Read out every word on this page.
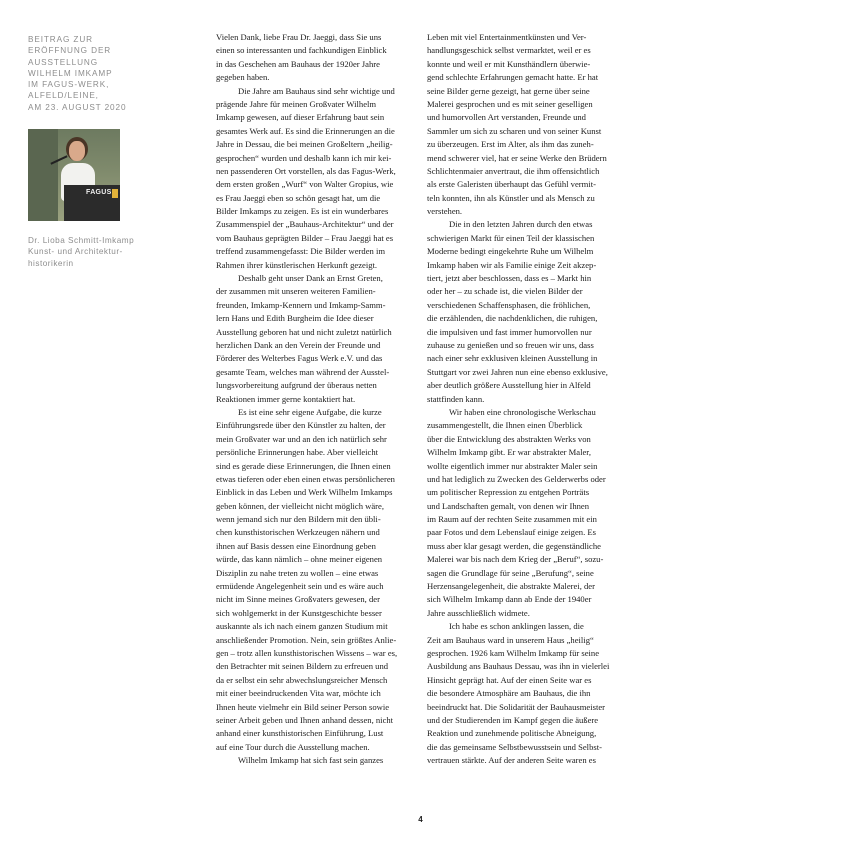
BEITRAG ZUR
ERÖFFNUNG DER
AUSSTELLUNG
WILHELM IMKAMP
IM FAGUS-WERK,
ALFELD/LEINE,
AM 23. AUGUST 2020
FAGUS
Dr. Lioba Schmitt-Imkamp
Kunst- und Architektur-
historikerin
Vielen Dank, liebe Frau Dr. Jaeggi, dass Sie uns
einen so interessanten und fachkundigen Einblick
in das Geschehen am Bauhaus der 1920er Jahre
gegeben haben.
Die Jahre am Bauhaus sind sehr wichtige und
prägende Jahre für meinen Großvater Wilhelm
Imkamp gewesen, auf dieser Erfahrung baut sein
gesamtes Werk auf. Es sind die Erinnerungen an die
Jahre in Dessau, die bei meinen Großeltern „heilig-
gesprochen“ wurden und deshalb kann ich mir kei-
nen passenderen Ort vorstellen, als das Fagus-Werk,
dem ersten großen „Wurf“ von Walter Gropius, wie
es Frau Jaeggi eben so schön gesagt hat, um die
Bilder Imkamps zu zeigen. Es ist ein wunderbares
Zusammenspiel der „Bauhaus-Architektur“ und der
vom Bauhaus geprägten Bilder – Frau Jaeggi hat es
treffend zusammengefasst: Die Bilder werden im
Rahmen ihrer künstlerischen Herkunft gezeigt.
Deshalb geht unser Dank an Ernst Greten,
der zusammen mit unseren weiteren Familien-
freunden, Imkamp-Kennern und Imkamp-Samm-
lern Hans und Edith Burgheim die Idee dieser
Ausstellung geboren hat und nicht zuletzt natürlich
herzlichen Dank an den Verein der Freunde und
Förderer des Welterbes Fagus Werk e.V. und das
gesamte Team, welches man während der Ausstel-
lungsvorbereitung aufgrund der überaus netten
Reaktionen immer gerne kontaktiert hat.
Es ist eine sehr eigene Aufgabe, die kurze
Einführungsrede über den Künstler zu halten, der
mein Großvater war und an den ich natürlich sehr
persönliche Erinnerungen habe. Aber vielleicht
sind es gerade diese Erinnerungen, die Ihnen einen
etwas tieferen oder eben einen etwas persönlicheren
Einblick in das Leben und Werk Wilhelm Imkamps
geben können, der vielleicht nicht möglich wäre,
wenn jemand sich nur den Bildern mit den übli-
chen kunsthistorischen Werkzeugen nähern und
ihnen auf Basis dessen eine Einordnung geben
würde, das kann nämlich – ohne meiner eigenen
Disziplin zu nahe treten zu wollen – eine etwas
ermüdende Angelegenheit sein und es wäre auch
nicht im Sinne meines Großvaters gewesen, der
sich wohlgemerkt in der Kunstgeschichte besser
auskannte als ich nach einem ganzen Studium mit
anschließender Promotion. Nein, sein größtes Anlie-
gen – trotz allen kunsthistorischen Wissens – war es,
den Betrachter mit seinen Bildern zu erfreuen und
da er selbst ein sehr abwechslungsreicher Mensch
mit einer beeindruckenden Vita war, möchte ich
Ihnen heute vielmehr ein Bild seiner Person sowie
seiner Arbeit geben und Ihnen anhand dessen, nicht
anhand einer kunsthistorischen Einführung, Lust
auf eine Tour durch die Ausstellung machen.
Wilhelm Imkamp hat sich fast sein ganzes
Leben mit viel Entertainmentkünsten und Ver-
handlungsgeschick selbst vermarktet, weil er es
konnte und weil er mit Kunsthändlern überwie-
gend schlechte Erfahrungen gemacht hatte. Er hat
seine Bilder gerne gezeigt, hat gerne über seine
Malerei gesprochen und es mit seiner geselligen
und humorvollen Art verstanden, Freunde und
Sammler um sich zu scharen und von seiner Kunst
zu überzeugen. Erst im Alter, als ihm das zuneh-
mend schwerer viel, hat er seine Werke den Brüdern
Schlichtenmaier anvertraut, die ihm offensichtlich
als erste Galeristen überhaupt das Gefühl vermit-
teln konnten, ihn als Künstler und als Mensch zu
verstehen.
Die in den letzten Jahren durch den etwas
schwierigen Markt für einen Teil der klassischen
Moderne bedingt eingekehrte Ruhe um Wilhelm
Imkamp haben wir als Familie einige Zeit akzep-
tiert, jetzt aber beschlossen, dass es – Markt hin
oder her – zu schade ist, die vielen Bilder der
verschiedenen Schaffensphasen, die fröhlichen,
die erzählenden, die nachdenklichen, die ruhigen,
die impulsiven und fast immer humorvollen nur
zuhause zu genießen und so freuen wir uns, dass
nach einer sehr exklusiven kleinen Ausstellung in
Stuttgart vor zwei Jahren nun eine ebenso exklusive,
aber deutlich größere Ausstellung hier in Alfeld
stattfinden kann.
Wir haben eine chronologische Werkschau
zusammengestellt, die Ihnen einen Überblick
über die Entwicklung des abstrakten Werks von
Wilhelm Imkamp gibt. Er war abstrakter Maler,
wollte eigentlich immer nur abstrakter Maler sein
und hat lediglich zu Zwecken des Gelderwerbs oder
um politischer Repression zu entgehen Porträts
und Landschaften gemalt, von denen wir Ihnen
im Raum auf der rechten Seite zusammen mit ein
paar Fotos und dem Lebenslauf einige zeigen. Es
muss aber klar gesagt werden, die gegenständliche
Malerei war bis nach dem Krieg der „Beruf“, sozu-
sagen die Grundlage für seine „Berufung“, seine
Herzensangelegenheit, die abstrakte Malerei, der
sich Wilhelm Imkamp dann ab Ende der 1940er
Jahre ausschließlich widmete.
Ich habe es schon anklingen lassen, die
Zeit am Bauhaus ward in unserem Haus „heilig“
gesprochen. 1926 kam Wilhelm Imkamp für seine
Ausbildung ans Bauhaus Dessau, was ihn in vielerlei
Hinsicht geprägt hat. Auf der einen Seite war es
die besondere Atmosphäre am Bauhaus, die ihn
beeindruckt hat. Die Solidarität der Bauhausmeister
und der Studierenden im Kampf gegen die äußere
Reaktion und zunehmende politische Abneigung,
die das gemeinsame Selbstbewusstsein und Selbst-
vertrauen stärkte. Auf der anderen Seite waren es
4
